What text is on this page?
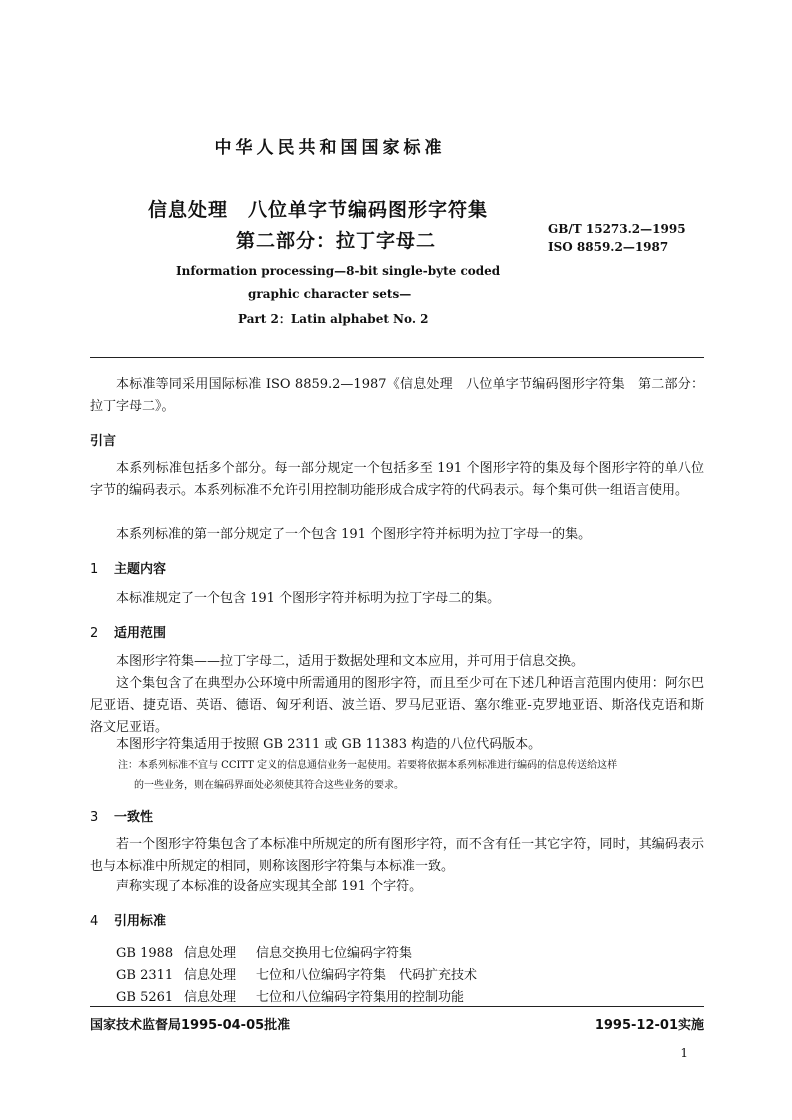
中华人民共和国国家标准
信息处理　八位单字节编码图形字符集
第二部分：拉丁字母二
GB/T 15273.2—1995
ISO 8859.2—1987
Information processing—8-bit single-byte coded
graphic character sets—
Part 2：Latin alphabet No. 2
本标准等同采用国际标准 ISO 8859.2—1987《信息处理　八位单字节编码图形字符集　第二部分：拉丁字母二》。
引言
本系列标准包括多个部分。每一部分规定一个包括多至 191 个图形字符的集及每个图形字符的单八位字节的编码表示。本系列标准不允许引用控制功能形成合成字符的代码表示。每个集可供一组语言使用。
本系列标准的第一部分规定了一个包含 191 个图形字符并标明为拉丁字母一的集。
1 主题内容
本标准规定了一个包含 191 个图形字符并标明为拉丁字母二的集。
2 适用范围
本图形字符集——拉丁字母二，适用于数据处理和文本应用，并可用于信息交换。
这个集包含了在典型办公环境中所需通用的图形字符，而且至少可在下述几种语言范围内使用：阿尔巴尼亚语、捷克语、英语、德语、匈牙利语、波兰语、罗马尼亚语、塞尔维亚-克罗地亚语、斯洛伐克语和斯洛文尼亚语。
本图形字符集适用于按照 GB 2311 或 GB 11383 构造的八位代码版本。
注：本系列标准不宜与 CCITT 定义的信息通信业务一起使用。若要将依据本系列标准进行编码的信息传送给这样
的一些业务，则在编码界面处必须使其符合这些业务的要求。
3 一致性
若一个图形字符集包含了本标准中所规定的所有图形字符，而不含有任一其它字符，同时，其编码表示也与本标准中所规定的相同，则称该图形字符集与本标准一致。
声称实现了本标准的设备应实现其全部 191 个字符。
4 引用标准
GB 1988 信息处理 信息交换用七位编码字符集
GB 2311 信息处理 七位和八位编码字符集　代码扩充技术
GB 5261 信息处理 七位和八位编码字符集用的控制功能
国家技术监督局1995-04-05批准	1995-12-01实施
1
